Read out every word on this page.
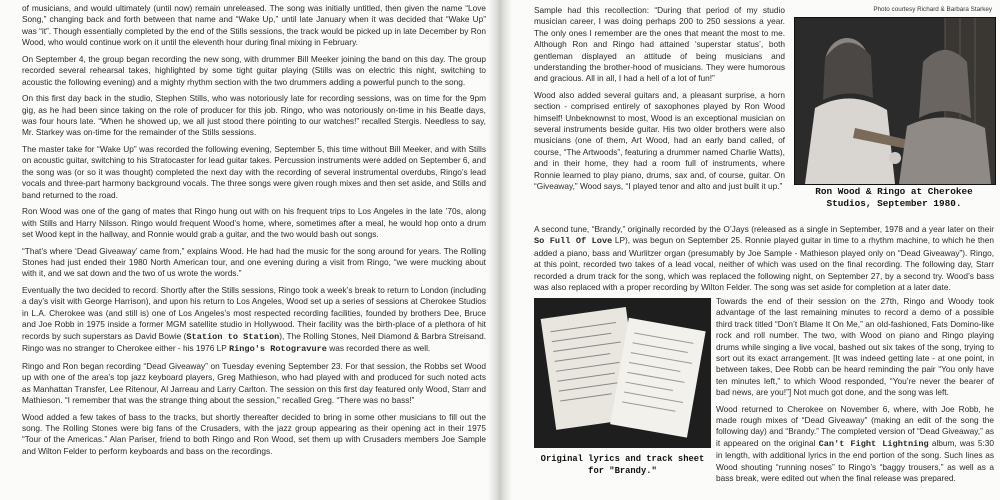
of musicians, and would ultimately (until now) remain unreleased. The song was initially untitled, then given the name “Love Song,” changing back and forth between that name and “Wake Up,” until late January when it was decided that “Wake Up” was “it”. Though essentially completed by the end of the Stills sessions, the track would be picked up in late December by Ron Wood, who would continue work on it until the eleventh hour during final mixing in February.

On September 4, the group began recording the new song, with drummer Bill Meeker joining the band on this day. The group recorded several rehearsal takes, highlighted by some tight guitar playing (Stills was on electric this night, switching to acoustic the following evening) and a mighty rhythm section with the two drummers adding a powerful punch to the song.

On this first day back in the studio, Stephen Stills, who was notoriously late for recording sessions, was on time for the 9pm gig, as he had been since taking on the role of producer for this job. Ringo, who was notoriously on-time in his Beatle days, was four hours late. “When he showed up, we all just stood there pointing to our watches!” recalled Stergis. Needless to say, Mr. Starkey was on-time for the remainder of the Stills sessions.

The master take for “Wake Up” was recorded the following evening, September 5, this time without Bill Meeker, and with Stills on acoustic guitar, switching to his Stratocaster for lead guitar takes. Percussion instruments were added on September 6, and the song was (or so it was thought) completed the next day with the recording of several instrumental overdubs, Ringo’s lead vocals and three-part harmony background vocals. The three songs were given rough mixes and then set aside, and Stills and band returned to the road.

Ron Wood was one of the gang of mates that Ringo hung out with on his frequent trips to Los Angeles in the late ’70s, along with Stills and Harry Nilsson. Ringo would frequent Wood’s home, where, sometimes after a meal, he would hop onto a drum set Wood kept in the hallway, and Ronnie would grab a guitar, and the two would bash out songs.

“That’s where ‘Dead Giveaway’ came from,” explains Wood. He had had the music for the song around for years. The Rolling Stones had just ended their 1980 North American tour, and one evening during a visit from Ringo, “we were mucking about with it, and we sat down and the two of us wrote the words.”

Eventually the two decided to record. Shortly after the Stills sessions, Ringo took a week’s break to return to London (including a day’s visit with George Harrison), and upon his return to Los Angeles, Wood set up a series of sessions at Cherokee Studios in L.A. Cherokee was (and still is) one of Los Angeles’s most respected recording facilities, founded by brothers Dee, Bruce and Joe Robb in 1975 inside a former MGM satellite studio in Hollywood. Their facility was the birth-place of a plethora of hit records by such superstars as David Bowie (Station to Station), The Rolling Stones, Neil Diamond & Barbra Streisand. Ringo was no stranger to Cherokee either - his 1976 LP Ringo's Rotogravure was recorded there as well.

Ringo and Ron began recording “Dead Giveaway” on Tuesday evening September 23. For that session, the Robbs set Wood up with one of the area’s top jazz keyboard players, Greg Mathieson, who had played with and produced for such noted acts as Manhattan Transfer, Lee Ritenour, Al Jarreau and Larry Carlton. The session on this first day featured only Wood, Starr and Mathieson. “I remember that was the strange thing about the session,” recalled Greg. “There was no bass!”

Wood added a few takes of bass to the tracks, but shortly thereafter decided to bring in some other musicians to fill out the song. The Rolling Stones were big fans of the Crusaders, with the jazz group appearing as their opening act in their 1975 “Tour of the Americas.” Alan Pariser, friend to both Ringo and Ron Wood, set them up with Crusaders members Joe Sample and Wilton Felder to perform keyboards and bass on the recordings.

Sample had this recollection: “During that period of my studio musician career, I was doing perhaps 200 to 250 sessions a year. The only ones I remember are the ones that meant the most to me. Although Ron and Ringo had attained ‘superstar status’, both gentleman displayed an attitude of being musicians and understanding the brother-hood of musicians. They were humorous and gracious. All in all, I had a hell of a lot of fun!”

Wood also added several guitars and, a pleasant surprise, a horn section - comprised entirely of saxophones played by Ron Wood himself! Unbeknownst to most, Wood is an exceptional musician on several instruments beside guitar. His two older brothers were also musicians (one of them, Art Wood, had an early band called, of course, “The Artwoods”, featuring a drummer named Charlie Watts), and in their home, they had a room full of instruments, where Ronnie learned to play piano, drums, sax and, of course, guitar. On “Giveaway,” Wood says, “I played tenor and alto and just built it up.”

Photo courtesy Richard & Barbara Starkey
Ron Wood & Ringo at Cherokee Studios, September 1980.

A second tune, “Brandy,” originally recorded by the O’Jays (released as a single in September, 1978 and a year later on their So Full Of Love LP), was begun on September 25. Ronnie played guitar in time to a rhythm machine, to which he then added a piano, bass and Wurlitzer organ (presumably by Joe Sample - Mathieson played only on “Dead Giveaway”). Ringo, at this point, recorded two takes of a lead vocal, neither of which was used on the final recording. The following day, Starr recorded a drum track for the song, which was replaced the following night, on September 27, by a second try. Wood’s bass was also replaced with a proper recording by Wilton Felder. The song was set aside for completion at a later date.

Original lyrics and track sheet for "Brandy."

Towards the end of their session on the 27th, Ringo and Woody took advantage of the last remaining minutes to record a demo of a possible third track titled “Don’t Blame It On Me,” an old-fashioned, Fats Domino-like rock and roll number. The two, with Wood on piano and Ringo playing drums while singing a live vocal, bashed out six takes of the song, trying to sort out its exact arrangement. [It was indeed getting late - at one point, in between takes, Dee Robb can be heard reminding the pair “You only have ten minutes left,” to which Wood responded, “You’re never the bearer of bad news, are you!”] Not much got done, and the song was left.

Wood returned to Cherokee on November 6, where, with Joe Robb, he made rough mixes of “Dead Giveaway” (making an edit of the song the following day) and “Brandy.” The completed version of “Dead Giveaway,” as it appeared on the original Can't Fight Lightning album, was 5:30 in length, with additional lyrics in the end portion of the song. Such lines as Wood shouting “running noses” to Ringo’s “baggy trousers,” as well as a bass break, were edited out when the final release was prepared.
